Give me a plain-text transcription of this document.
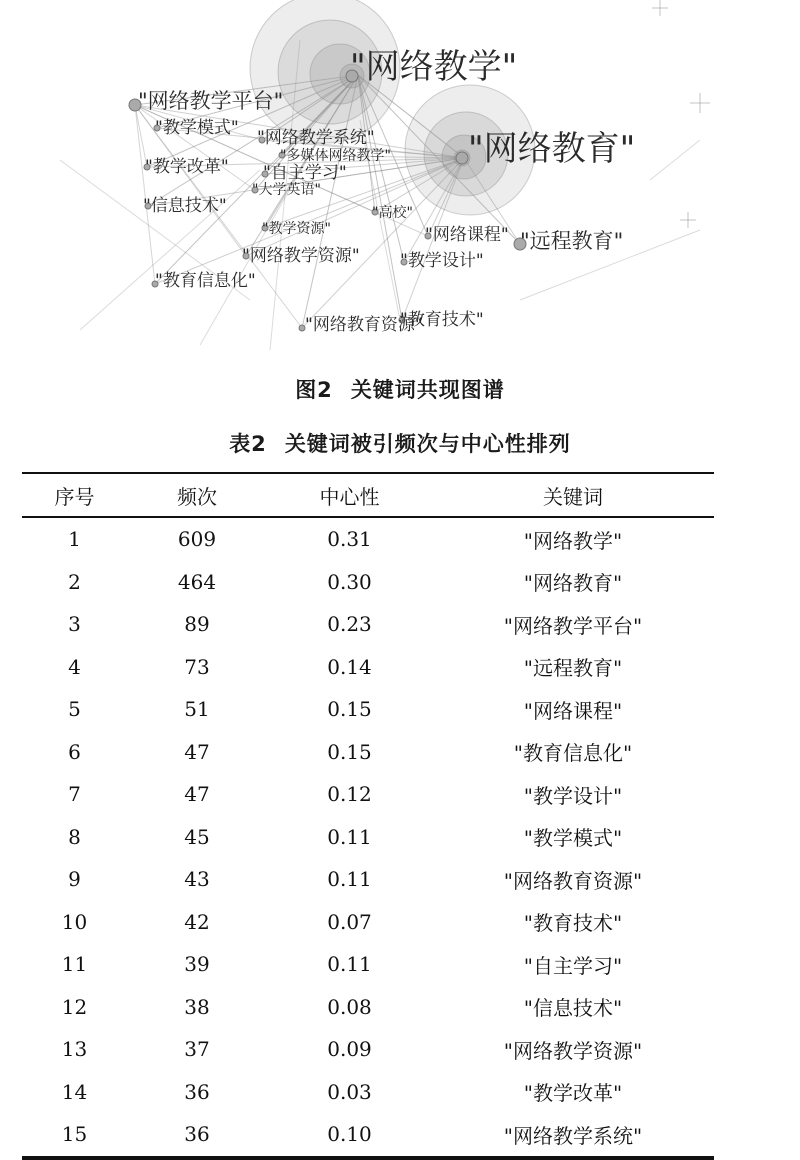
"网络教学"
"网络教育"
"网络教学平台"
"教学模式" "网络教学系统"
"多媒体网络教学"
"教学改革" "自主学习"
"大学英语"
"信息技术"	"高校"
"教学资源"	"网络课程" "远程教育"
"网络教学资源" "教学设计"
"教育信息化"
"教育技术"
"网络教育资源"
图2 关键词共现图谱
表2 关键词被引频次与中心性排列
序号	频次	中心性	关键词
1	609	0.31	"网络教学"
2	464	0.30	"网络教育"
3	89	0.23	"网络教学平台"
4	73	0.14	"远程教育"
5	51	0.15	"网络课程"
6	47	0.15	"教育信息化"
7	47	0.12	"教学设计"
8	45	0.11	"教学模式"
9	43	0.11	"网络教育资源"
10	42	0.07	"教育技术"
11	39	0.11	"自主学习"
12	38	0.08	"信息技术"
13	37	0.09	"网络教学资源"
14	36	0.03	"教学改革"
15	36	0.10	"网络教学系统"
